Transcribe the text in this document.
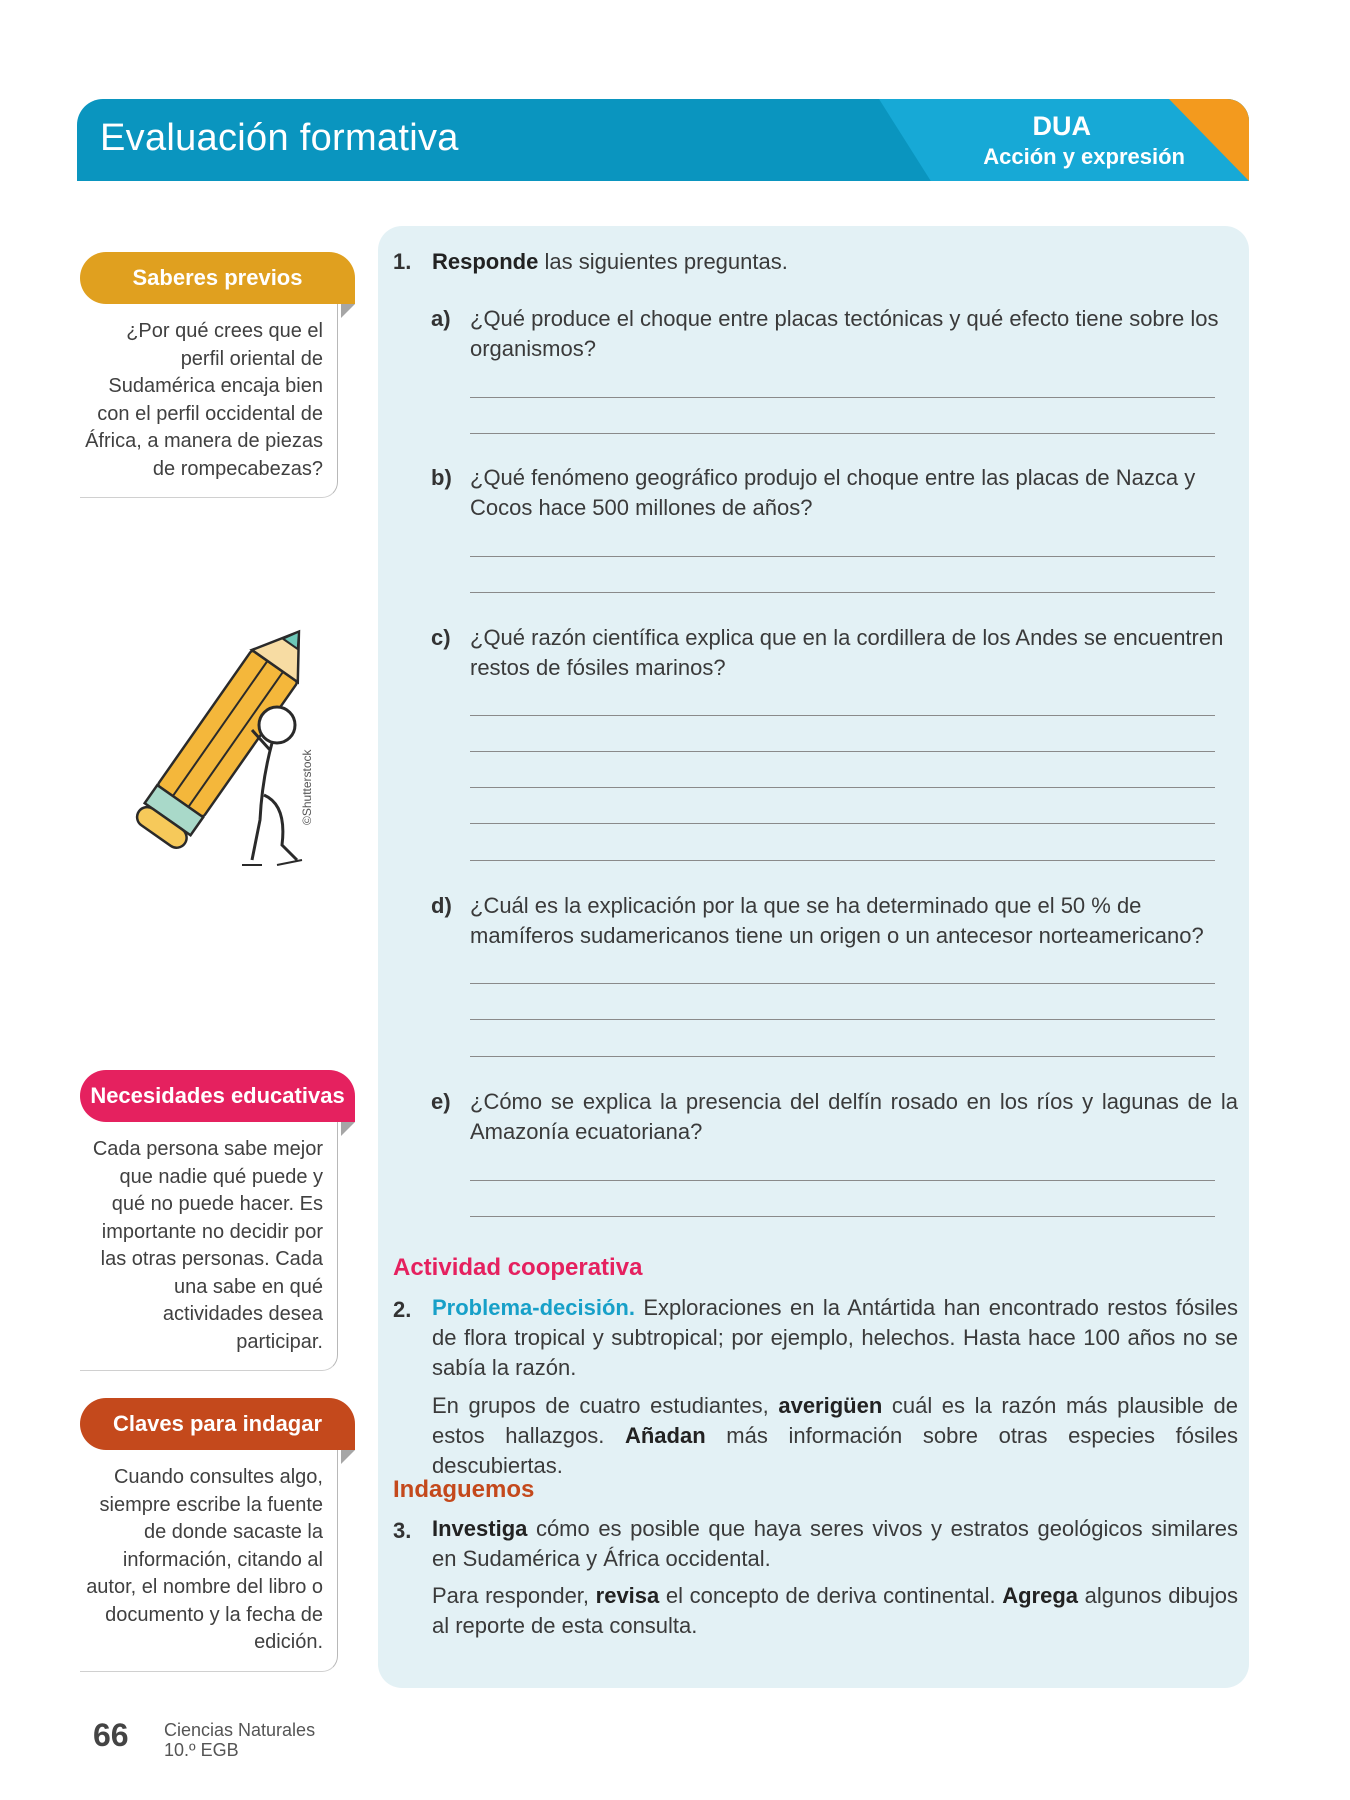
Evaluación formativa	DUA
Acción y expresión
Saberes previos
¿Por qué crees que el perfil oriental de Sudamérica encaja bien con el perfil occidental de África, a manera de piezas de rompecabezas?
©Shutterstock
Necesidades educativas
Cada persona sabe mejor que nadie qué puede y qué no puede hacer. Es importante no decidir por las otras personas. Cada una sabe en qué actividades desea participar.
Claves para indagar
Cuando consultes algo, siempre escribe la fuente de donde sacaste la información, citando al autor, el nombre del libro o documento y la fecha de edición.
1. Responde las siguientes preguntas.
a) ¿Qué produce el choque entre placas tectónicas y qué efecto tiene sobre los organismos?
b) ¿Qué fenómeno geográfico produjo el choque entre las placas de Nazca y Cocos hace 500 millones de años?
c) ¿Qué razón científica explica que en la cordillera de los Andes se encuentren restos de fósiles marinos?
d) ¿Cuál es la explicación por la que se ha determinado que el 50 % de mamíferos sudamericanos tiene un origen o un antecesor norteamericano?
e) ¿Cómo se explica la presencia del delfín rosado en los ríos y lagunas de la Amazonía ecuatoriana?
Actividad cooperativa
2. Problema-decisión. Exploraciones en la Antártida han encontrado restos fósiles de flora tropical y subtropical; por ejemplo, helechos. Hasta hace 100 años no se sabía la razón.
En grupos de cuatro estudiantes, averigüen cuál es la razón más plausible de estos hallazgos. Añadan más información sobre otras especies fósiles descubiertas.
Indaguemos
3. Investiga cómo es posible que haya seres vivos y estratos geológicos similares en Sudamérica y África occidental.
Para responder, revisa el concepto de deriva continental. Agrega algunos dibujos al reporte de esta consulta.
66 Ciencias Naturales
10.º EGB
